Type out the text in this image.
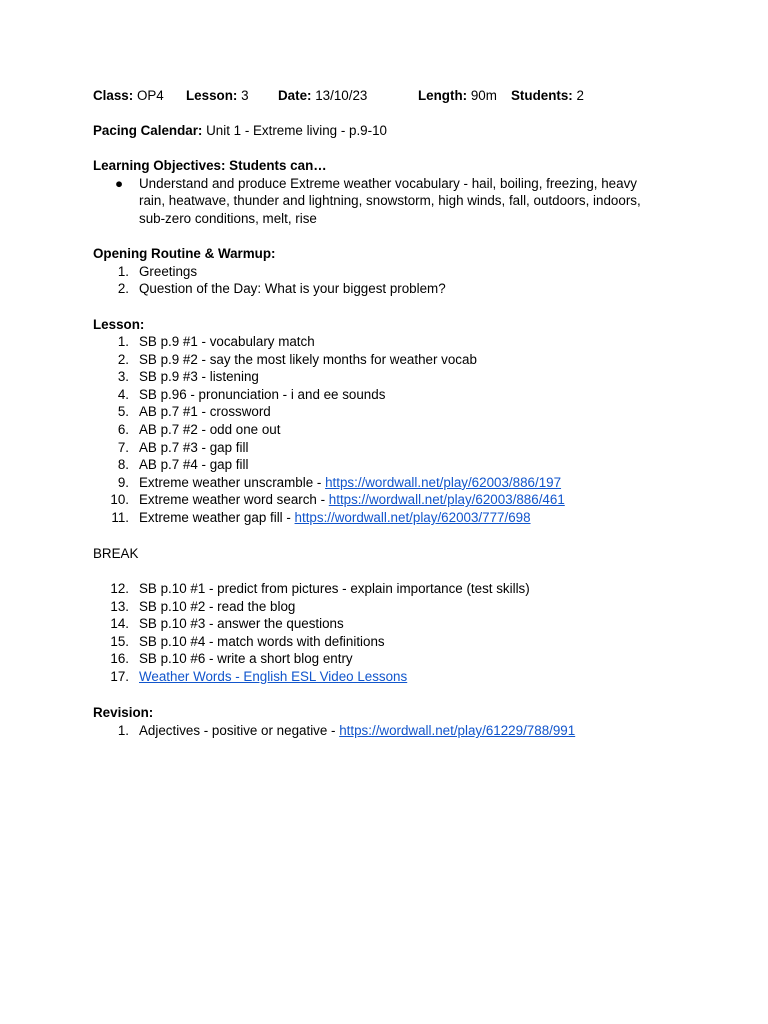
Class: OP4 Lesson: 3 Date: 13/10/23	Length: 90m Students: 2
Pacing Calendar: Unit 1 - Extreme living - p.9-10
Learning Objectives: Students can…
● Understand and produce Extreme weather vocabulary - hail, boiling, freezing, heavy
rain, heatwave, thunder and lightning, snowstorm, high winds, fall, outdoors, indoors,
sub-zero conditions, melt, rise
Opening Routine & Warmup:
1. Greetings
2. Question of the Day: What is your biggest problem?
Lesson:
1. SB p.9 #1 - vocabulary match
2. SB p.9 #2 - say the most likely months for weather vocab
3. SB p.9 #3 - listening
4. SB p.96 - pronunciation - i and ee sounds
5. AB p.7 #1 - crossword
6. AB p.7 #2 - odd one out
7. AB p.7 #3 - gap fill
8. AB p.7 #4 - gap fill
9. Extreme weather unscramble - https://wordwall.net/play/62003/886/197
10. Extreme weather word search - https://wordwall.net/play/62003/886/461
11. Extreme weather gap fill - https://wordwall.net/play/62003/777/698
BREAK
12. SB p.10 #1 - predict from pictures - explain importance (test skills)
13. SB p.10 #2 - read the blog
14. SB p.10 #3 - answer the questions
15. SB p.10 #4 - match words with definitions
16. SB p.10 #6 - write a short blog entry
17. Weather Words - English ESL Video Lessons
Revision:
1. Adjectives - positive or negative - https://wordwall.net/play/61229/788/991
